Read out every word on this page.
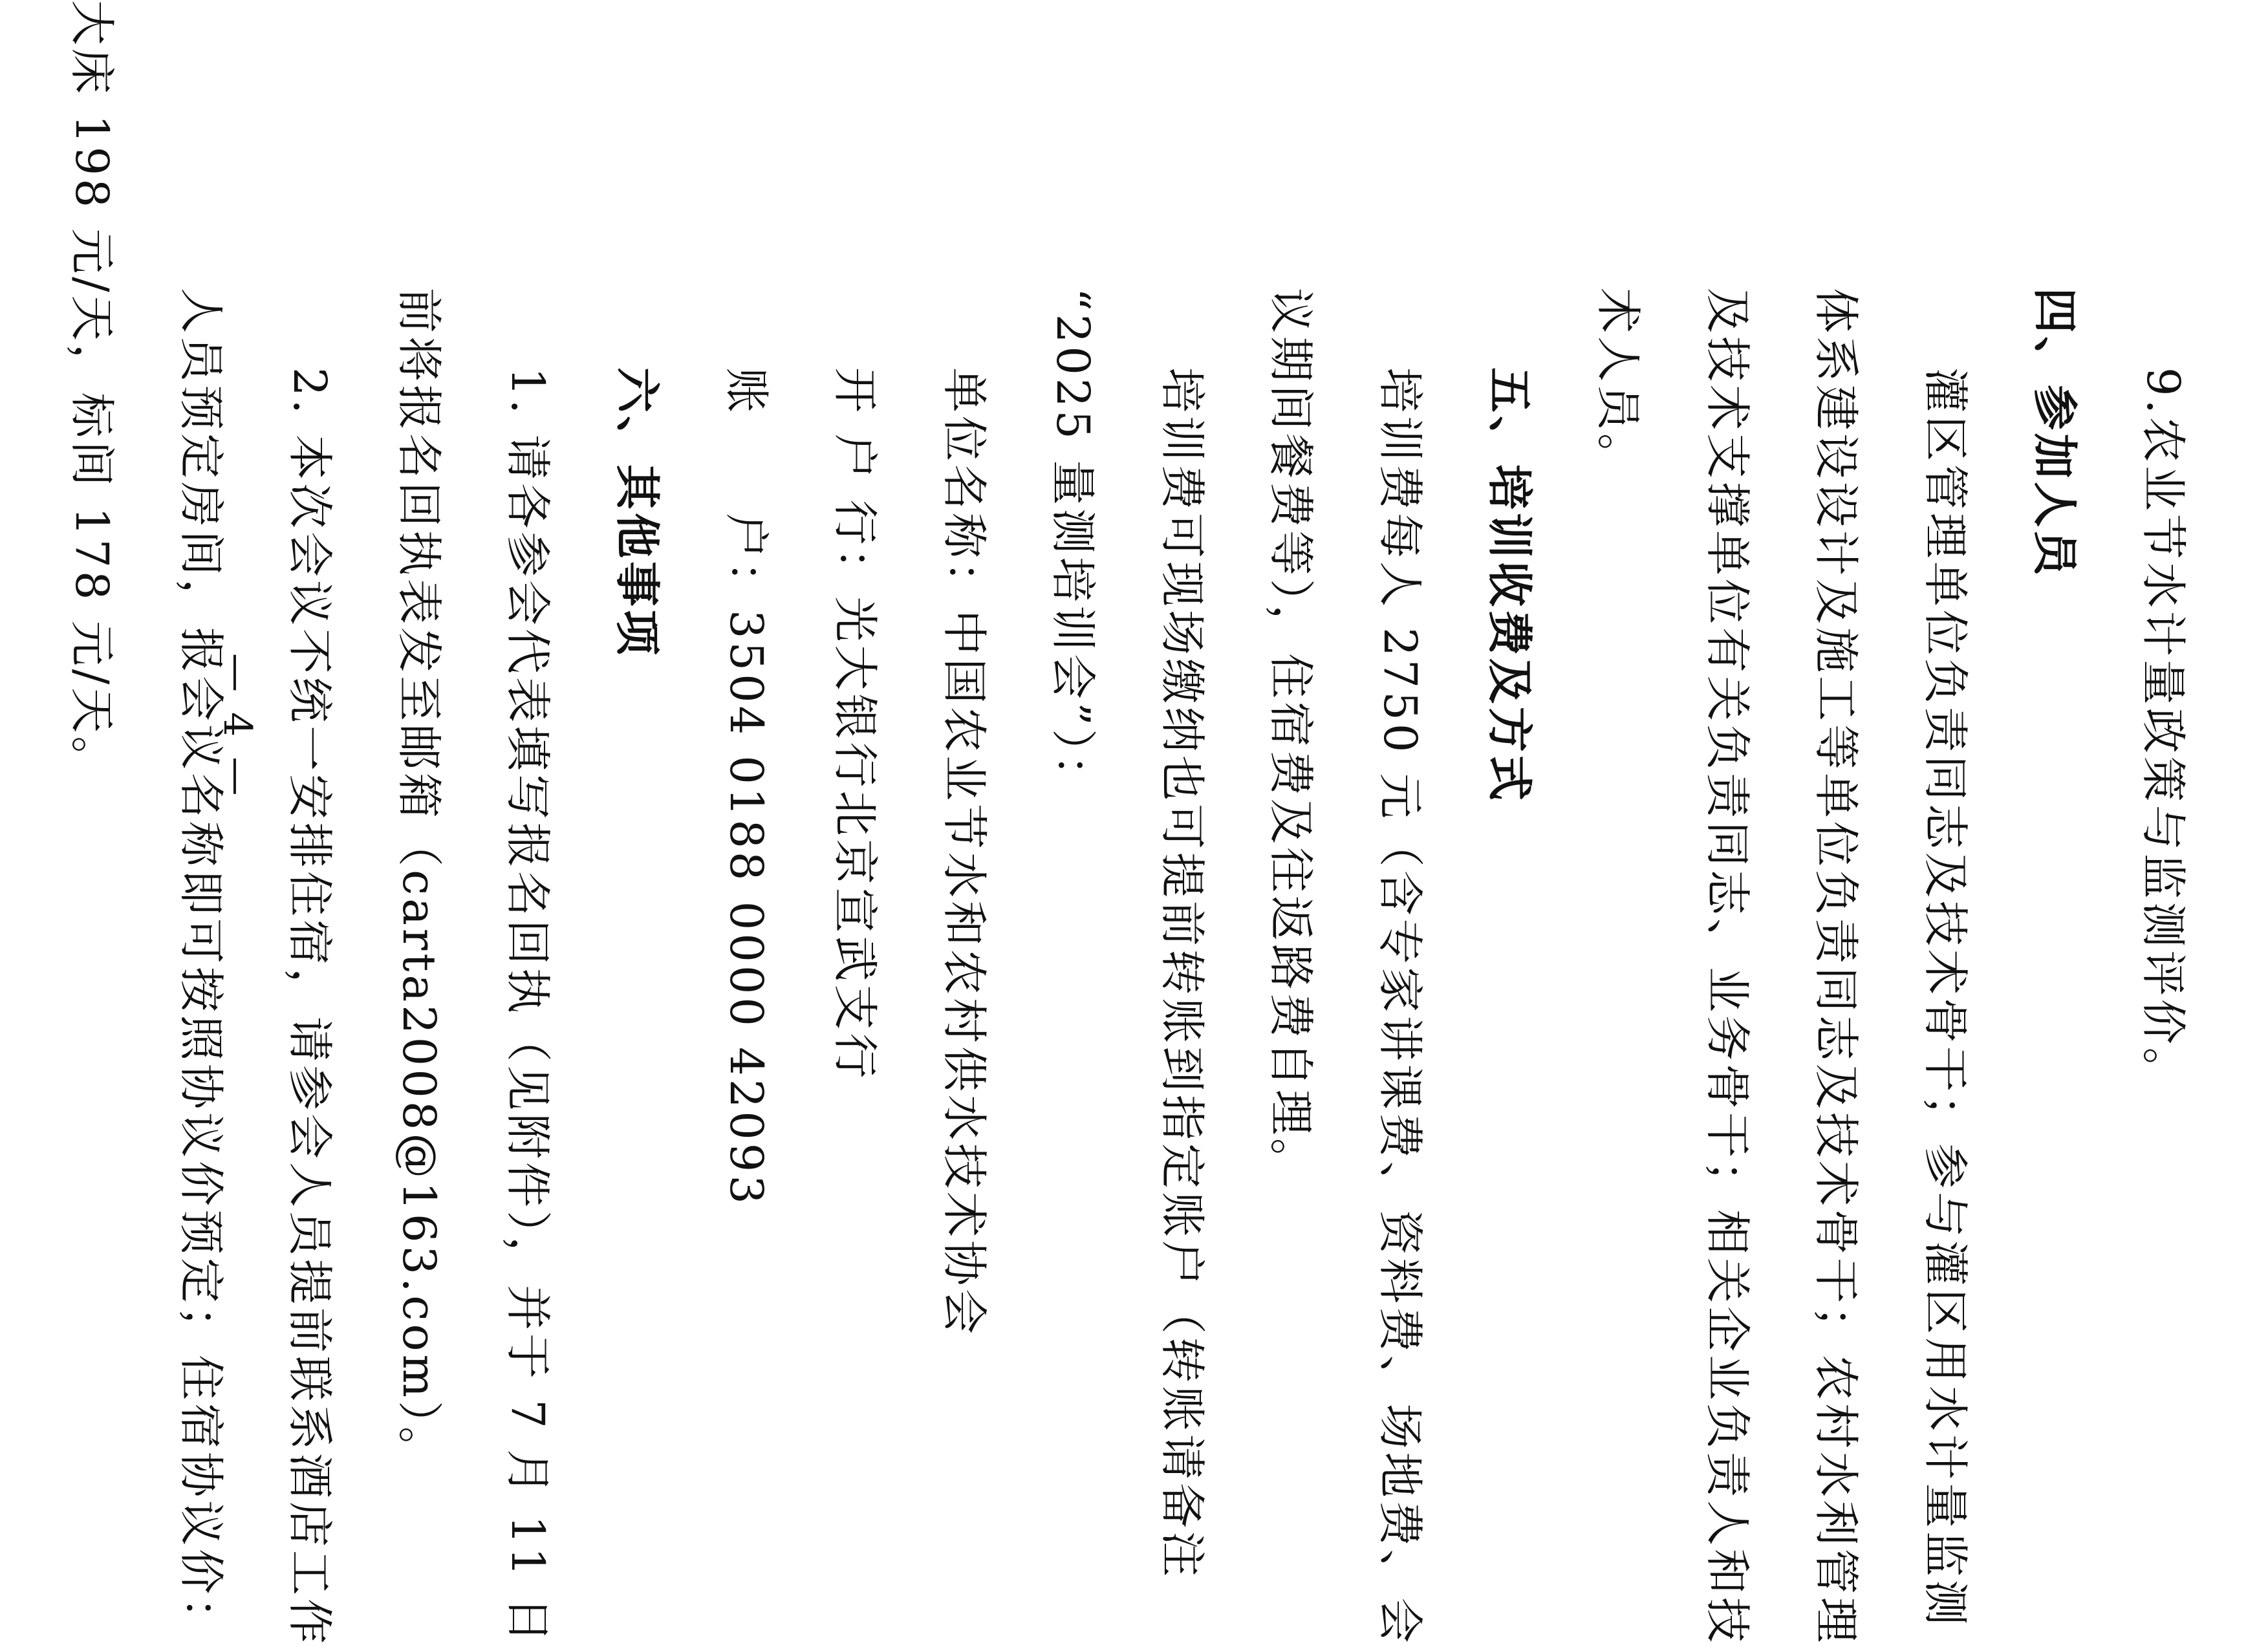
9.农业节水计量政策与监测评价。
四、参加人员
灌区管理单位负责同志及技术骨干；参与灌区用水计量监测
体系建设设计及施工等单位负责同志及技术骨干；农村水利管理
及技术支撑单位有关负责同志、业务骨干；相关企业负责人和技
术人员。
五、培训收费及方式
培训费每人 2750 元（含专家讲课费、资料费、场地费、会
议期间餐费等），住宿费及往返路费自理。
培训费可现场缴纳也可提前转账到指定账户（转账请备注
“2025 量测培训会”）：
单位名称：中国农业节水和农村供水技术协会
开 户 行：光大银行北京宣武支行
账　　户：3504 0188 0000 42093
六、其他事项
1. 请各参会代表填写报名回执（见附件），并于 7 月 11 日
前将报名回执表发至邮箱（carta2008@163.com）。
2. 本次会议不统一安排住宿，请参会人员提前联系酒店工作
人员预定房间，报会议名称即可按照协议价预定；住宿协议价：
— 4 —
大床 198 元/天，标间 178 元/天。
